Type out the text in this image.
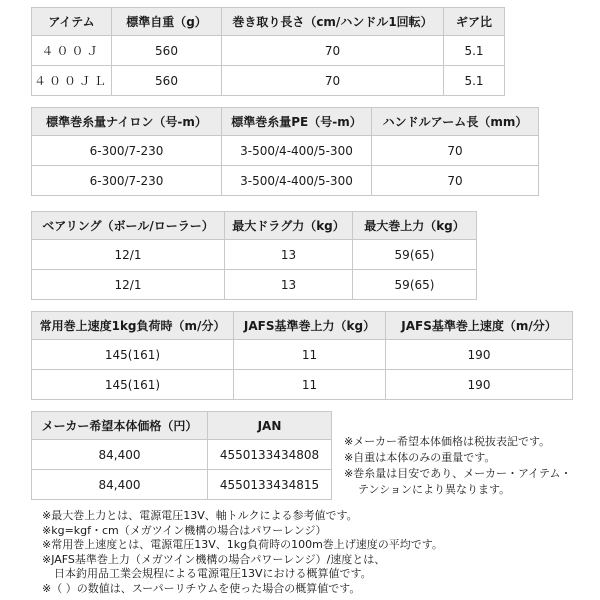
アイテム	標準自重（g）	巻き取り長さ（cm/ハンドル1回転）	ギア比
４００Ｊ	560	70	5.1
４００ＪＬ	560	70	5.1
標準巻糸量ナイロン（号-m）	標準巻糸量PE（号-m）	ハンドルアーム長（mm）
6-300/7-230	3-500/4-400/5-300	70
6-300/7-230	3-500/4-400/5-300	70
ベアリング（ボール/ローラー）	最大ドラグ力（kg）	最大巻上力（kg）
12/1	13	59(65)
12/1	13	59(65)
常用巻上速度1kg負荷時（m/分）	JAFS基準巻上力（kg）	JAFS基準巻上速度（m/分）
145(161)	11	190
145(161)	11	190
メーカー希望本体価格（円）	JAN
84,400	4550133434808
84,400	4550133434815
※メーカー希望本体価格は税抜表記です。
※自重は本体のみの重量です。
※巻糸量は目安であり、メーカー・アイテム・
テンションにより異なります。
※最大巻上力とは、電源電圧13V、軸トルクによる参考値です。
※kg=kgf・cm（メガツイン機構の場合はパワーレンジ）
※常用巻上速度とは、電源電圧13V、1kg負荷時の100m巻上げ速度の平均です。
※JAFS基準巻上力（メガツイン機構の場合パワーレンジ）/速度とは、
日本釣用品工業会規程による電源電圧13Vにおける概算値です。
※（ ）の数値は、スーパーリチウムを使った場合の概算値です。
